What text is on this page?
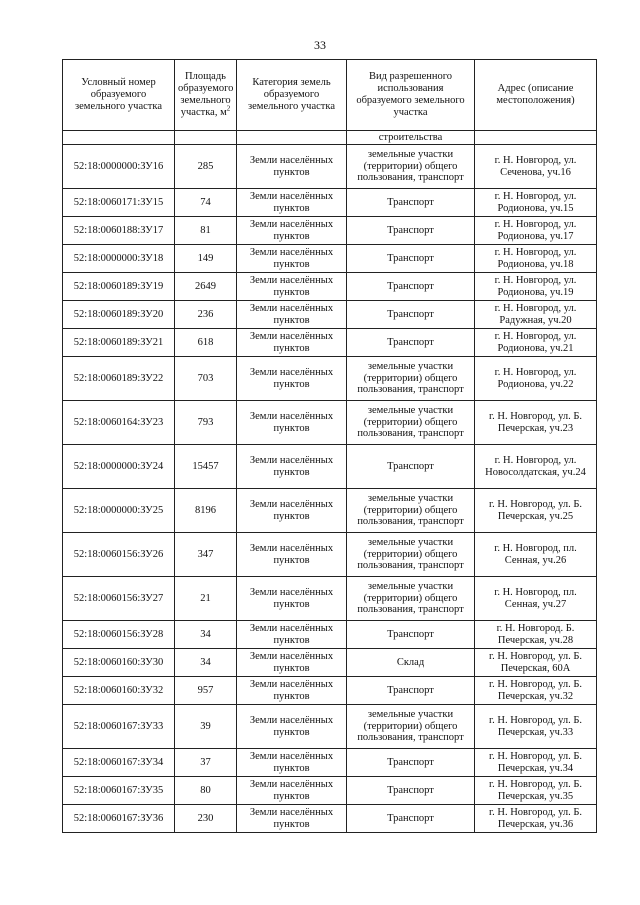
33
Условный номер образуемого земельного участка	Площадь образуемого земельного участка, $м^2$	Категория земель образуемого земельного участка	Вид разрешенного использования образуемого земельного участка	Адрес (описание местоположения)
			строительства	
52:18:0000000:ЗУ16	285	Земли населённых пунктов	земельные участки (территории) общего пользования, транспорт	г. Н. Новгород, ул. Сеченова, уч.16
52:18:0060171:ЗУ15	74	Земли населённых пунктов	Транспорт	г. Н. Новгород, ул. Родионова, уч.15
52:18:0060188:ЗУ17	81	Земли населённых пунктов	Транспорт	г. Н. Новгород, ул. Родионова, уч.17
52:18:0000000:ЗУ18	149	Земли населённых пунктов	Транспорт	г. Н. Новгород, ул. Родионова, уч.18
52:18:0060189:ЗУ19	2649	Земли населённых пунктов	Транспорт	г. Н. Новгород, ул. Родионова, уч.19
52:18:0060189:ЗУ20	236	Земли населённых пунктов	Транспорт	г. Н. Новгород, ул. Радужная, уч.20
52:18:0060189:ЗУ21	618	Земли населённых пунктов	Транспорт	г. Н. Новгород, ул. Родионова, уч.21
52:18:0060189:ЗУ22	703	Земли населённых пунктов	земельные участки (территории) общего пользования, транспорт	г. Н. Новгород, ул. Родионова, уч.22
52:18:0060164:ЗУ23	793	Земли населённых пунктов	земельные участки (территории) общего пользования, транспорт	г. Н. Новгород, ул. Б. Печерская, уч.23
52:18:0000000:ЗУ24	15457	Земли населённых пунктов	Транспорт	г. Н. Новгород, ул. Новосолдатская, уч.24
52:18:0000000:ЗУ25	8196	Земли населённых пунктов	земельные участки (территории) общего пользования, транспорт	г. Н. Новгород, ул. Б. Печерская, уч.25
52:18:0060156:ЗУ26	347	Земли населённых пунктов	земельные участки (территории) общего пользования, транспорт	г. Н. Новгород, пл. Сенная, уч.26
52:18:0060156:ЗУ27	21	Земли населённых пунктов	земельные участки (территории) общего пользования, транспорт	г. Н. Новгород, пл. Сенная, уч.27
52:18:0060156:ЗУ28	34	Земли населённых пунктов	Транспорт	г. Н. Новгород. Б. Печерская, уч.28
52:18:0060160:ЗУ30	34	Земли населённых пунктов	Склад	г. Н. Новгород, ул. Б. Печерская, 60А
52:18:0060160:ЗУ32	957	Земли населённых пунктов	Транспорт	г. Н. Новгород, ул. Б. Печерская, уч.32
52:18:0060167:ЗУ33	39	Земли населённых пунктов	земельные участки (территории) общего пользования, транспорт	г. Н. Новгород, ул. Б. Печерская, уч.33
52:18:0060167:ЗУ34	37	Земли населённых пунктов	Транспорт	г. Н. Новгород, ул. Б. Печерская, уч.34
52:18:0060167:ЗУ35	80	Земли населённых пунктов	Транспорт	г. Н. Новгород, ул. Б. Печерская, уч.35
52:18:0060167:ЗУ36	230	Земли населённых пунктов	Транспорт	г. Н. Новгород, ул. Б. Печерская, уч.36
